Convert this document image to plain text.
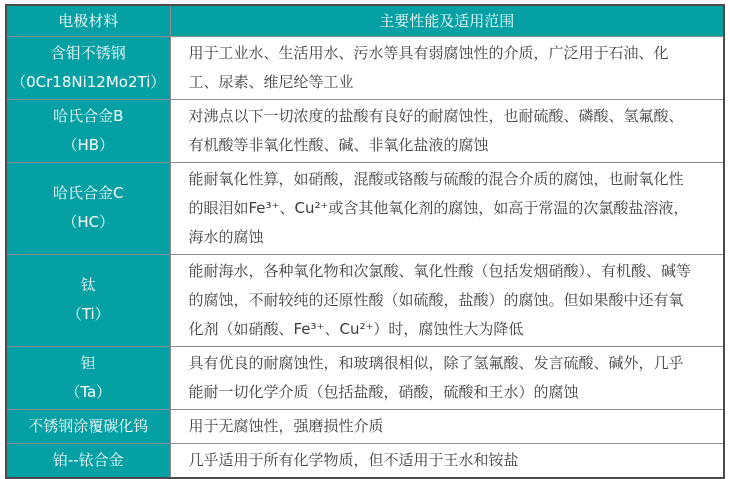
电极材料	主要性能及适用范围

含钼不锈钢
（0Cr18Ni12Mo2Ti）	用于工业水、生活用水、污水等具有弱腐蚀性的介质，广泛用于石油、化工、尿素、维尼纶等工业

哈氏合金B
（HB）	对沸点以下一切浓度的盐酸有良好的耐腐蚀性，也耐硫酸、磷酸、氢氟酸、有机酸等非氧化性酸、碱、非氧化盐液的腐蚀

哈氏合金C
（HC）	能耐氧化性算，如硝酸，混酸或铬酸与硫酸的混合介质的腐蚀，也耐氧化性的眼泪如Fe³⁺、Cu²⁺或含其他氧化剂的腐蚀，如高于常温的次氯酸盐溶液，海水的腐蚀

钛
（Ti）	能耐海水，各种氧化物和次氯酸、氧化性酸（包括发烟硝酸）、有机酸、碱等的腐蚀，不耐较纯的还原性酸（如硫酸，盐酸）的腐蚀。但如果酸中还有氧化剂（如硝酸、Fe³⁺、Cu²⁺）时，腐蚀性大为降低

钽
（Ta）	具有优良的耐腐蚀性，和玻璃很相似，除了氢氟酸、发言硫酸、碱外，几乎能耐一切化学介质（包括盐酸，硝酸，硫酸和王水）的腐蚀

不锈钢涂覆碳化钨	用于无腐蚀性，强磨损性介质

铂--铱合金	几乎适用于所有化学物质，但不适用于王水和铵盐
